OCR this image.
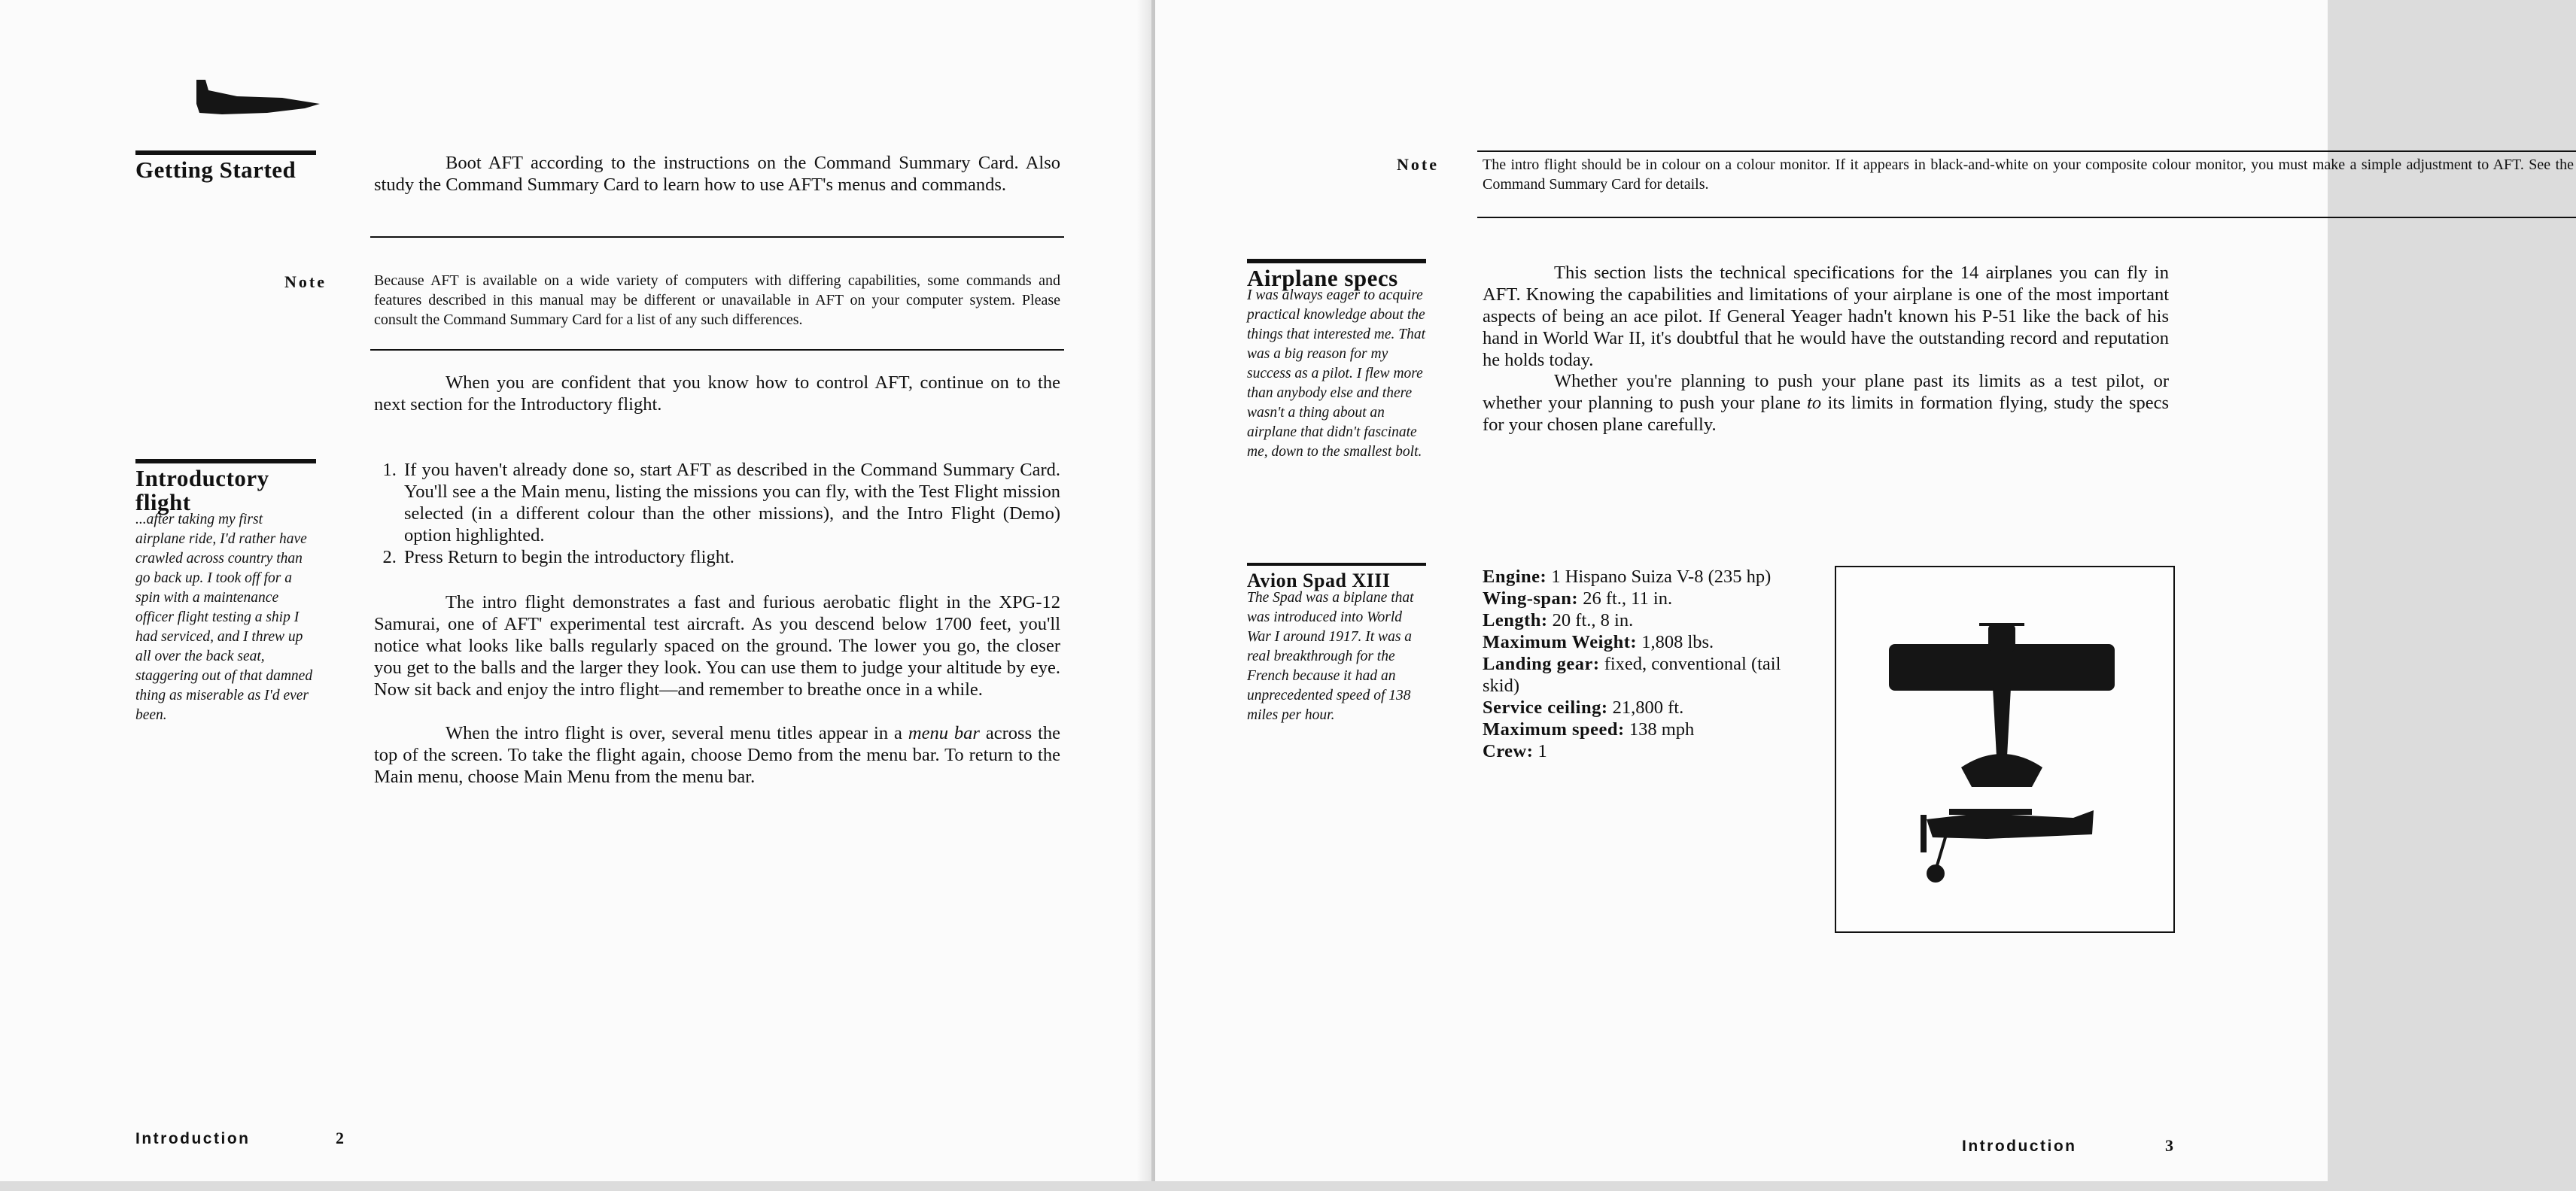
Getting Started	Boot AFT according to the instructions on the Command Summary Card. Also study the Command Summary Card to learn how to use AFT's menus and commands.
Note	Because AFT is available on a wide variety of computers with differing capabilities, some commands and features described in this manual may be different or unavailable in AFT on your computer system. Please consult the Command Summary Card for a list of any such differences.
When you are confident that you know how to control AFT, continue on to the next section for the Introductory flight.
Introductory flight
...after taking my first airplane ride, I'd rather have crawled across country than go back up. I took off for a spin with a maintenance officer flight testing a ship I had serviced, and I threw up all over the back seat, staggering out of that damned thing as miserable as I'd ever been.
1. If you haven't already done so, start AFT as described in the Command Summary Card. You'll see a the Main menu, listing the missions you can fly, with the Test Flight mission selected (in a different colour than the other missions), and the Intro Flight (Demo) option highlighted.
2. Press Return to begin the introductory flight.
The intro flight demonstrates a fast and furious aerobatic flight in the XPG-12 Samurai, one of AFT' experimental test aircraft. As you descend below 1700 feet, you'll notice what looks like balls regularly spaced on the ground. The lower you go, the closer you get to the balls and the larger they look. You can use them to judge your altitude by eye. Now sit back and enjoy the intro flight—and remember to breathe once in a while.
When the intro flight is over, several menu titles appear in a menu bar across the top of the screen. To take the flight again, choose Demo from the menu bar. To return to the Main menu, choose Main Menu from the menu bar.
Introduction	2
Note	The intro flight should be in colour on a colour monitor. If it appears in black-and-white on your composite colour monitor, you must make a simple adjustment to AFT. See the Command Summary Card for details.
Airplane specs
I was always eager to acquire practical knowledge about the things that interested me. That was a big reason for my success as a pilot. I flew more than anybody else and there wasn't a thing about an airplane that didn't fascinate me, down to the smallest bolt.
This section lists the technical specifications for the 14 airplanes you can fly in AFT. Knowing the capabilities and limitations of your airplane is one of the most important aspects of being an ace pilot. If General Yeager hadn't known his P-51 like the back of his hand in World War II, it's doubtful that he would have the outstanding record and reputation he holds today.
Whether you're planning to push your plane past its limits as a test pilot, or whether your planning to push your plane to its limits in formation flying, study the specs for your chosen plane carefully.
Avion Spad XIII
The Spad was a biplane that was introduced into World War I around 1917. It was a real breakthrough for the French because it had an unprecedented speed of 138 miles per hour.
Engine: 1 Hispano Suiza V-8 (235 hp)
Wing-span: 26 ft., 11 in.
Length: 20 ft., 8 in.
Maximum Weight: 1,808 lbs.
Landing gear: fixed, conventional (tail skid)
Service ceiling: 21,800 ft.
Maximum speed: 138 mph
Crew: 1
Introduction	3
